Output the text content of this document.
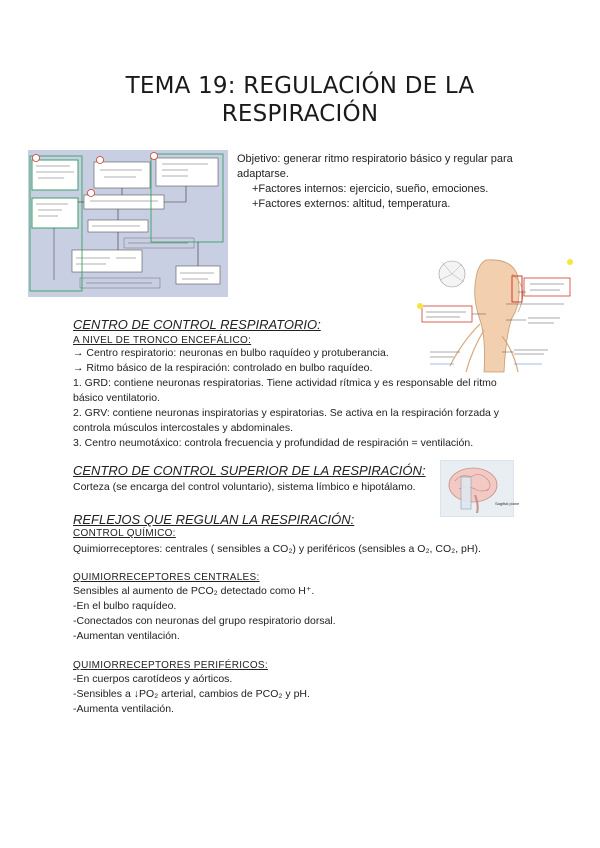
TEMA 19: REGULACIÓN DE LA
RESPIRACIÓN
Objetivo: generar ritmo respiratorio básico y regular para
adaptarse.

+Factores internos: ejercicio, sueño, emociones.
+Factores externos: altitud, temperatura.
CENTRO DE CONTROL RESPIRATORIO:
A NIVEL DE TRONCO ENCEFÁLICO:
→ Centro respiratorio: neuronas en bulbo raquídeo y protuberancia.
→ Ritmo básico de la respiración: controlado en bulbo raquídeo.
1. GRD: contiene neuronas respiratorias. Tiene actividad rítmica y es responsable del ritmo
básico ventilatorio.
2. GRV: contiene neuronas inspiratorias y espiratorias. Se activa en la respiración forzada y
controla músculos intercostales y abdominales.
3. Centro neumotáxico: controla frecuencia y profundidad de respiración = ventilación.
CENTRO DE CONTROL SUPERIOR DE LA RESPIRACIÓN:
Corteza (se encarga del control voluntario), sistema límbico e hipotálamo.
Sagittal plane
REFLEJOS QUE REGULAN LA RESPIRACIÓN:
CONTROL QUÍMICO:
Quimiorreceptores: centrales ( sensibles a CO₂) y periféricos (sensibles a O₂, CO₂, pH).
QUIMIORRECEPTORES CENTRALES:
Sensibles al aumento de PCO₂ detectado como H⁺.
-En el bulbo raquídeo.
-Conectados con neuronas del grupo respiratorio dorsal.
-Aumentan ventilación.
QUIMIORRECEPTORES PERIFÉRICOS:
-En cuerpos carotídeos y aórticos.
-Sensibles a ↓PO₂ arterial, cambios de PCO₂ y pH.
-Aumenta ventilación.
